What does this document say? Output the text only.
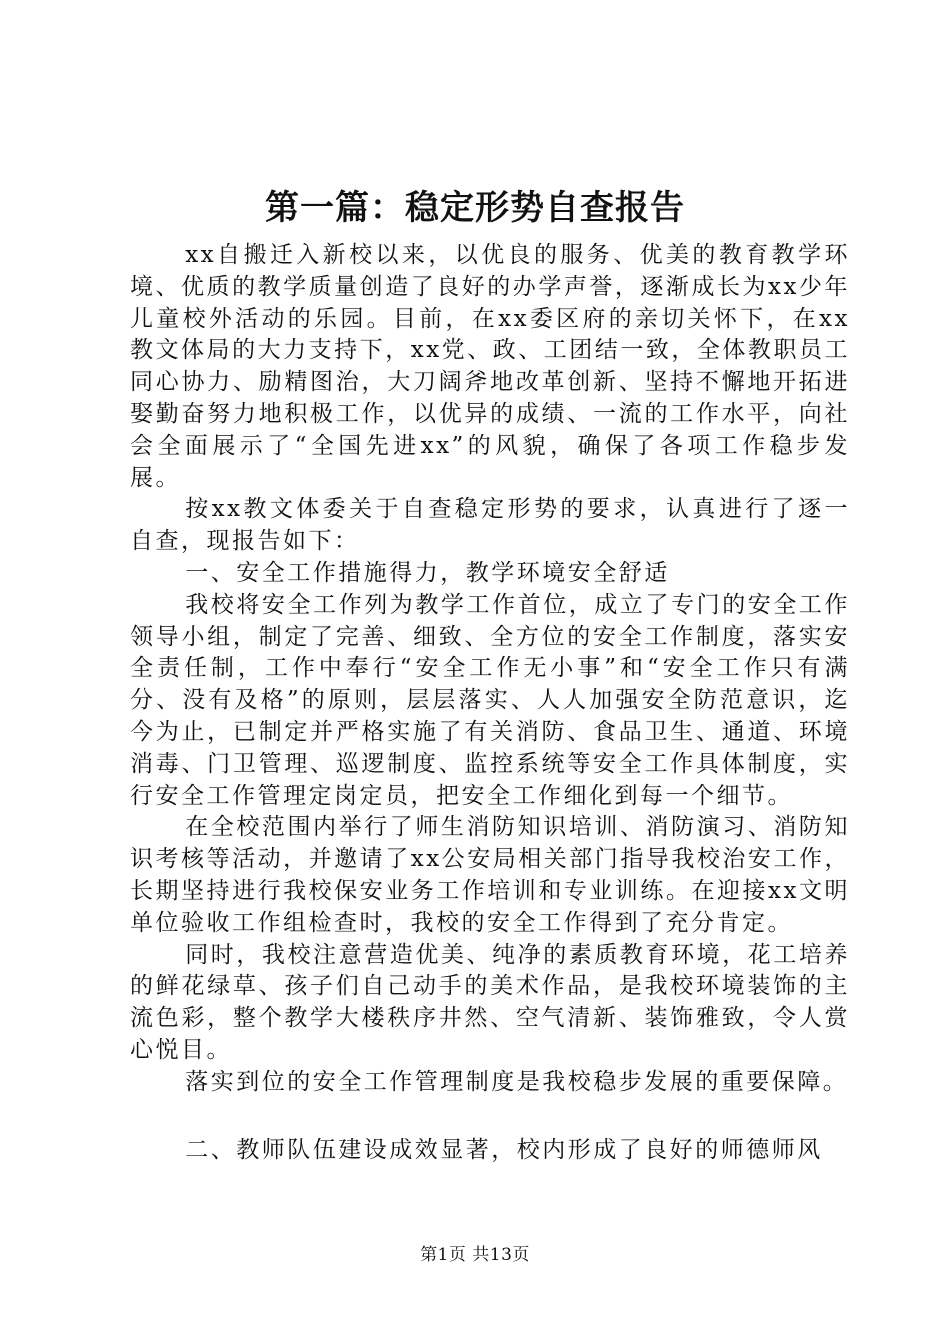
第一篇：稳定形势自查报告

xx自搬迁入新校以来，以优良的服务、优美的教育教学环境、优质的教学质量创造了良好的办学声誉，逐渐成长为xx少年儿童校外活动的乐园。目前，在xx委区府的亲切关怀下，在xx教文体局的大力支持下，xx党、政、工团结一致，全体教职员工同心协力、励精图治，大刀阔斧地改革创新、坚持不懈地开拓进娶勤奋努力地积极工作，以优异的成绩、一流的工作水平，向社会全面展示了“全国先进xx”的风貌，确保了各项工作稳步发展。

按xx教文体委关于自查稳定形势的要求，认真进行了逐一自查，现报告如下：

一、安全工作措施得力，教学环境安全舒适

我校将安全工作列为教学工作首位，成立了专门的安全工作领导小组，制定了完善、细致、全方位的安全工作制度，落实安全责任制，工作中奉行“安全工作无小事”和“安全工作只有满分、没有及格”的原则，层层落实、人人加强安全防范意识，迄今为止，已制定并严格实施了有关消防、食品卫生、通道、环境消毒、门卫管理、巡逻制度、监控系统等安全工作具体制度，实行安全工作管理定岗定员，把安全工作细化到每一个细节。

在全校范围内举行了师生消防知识培训、消防演习、消防知识考核等活动，并邀请了xx公安局相关部门指导我校治安工作，长期坚持进行我校保安业务工作培训和专业训练。在迎接xx文明单位验收工作组检查时，我校的安全工作得到了充分肯定。

同时，我校注意营造优美、纯净的素质教育环境，花工培养的鲜花绿草、孩子们自己动手的美术作品，是我校环境装饰的主流色彩，整个教学大楼秩序井然、空气清新、装饰雅致，令人赏心悦目。

落实到位的安全工作管理制度是我校稳步发展的重要保障。

二、教师队伍建设成效显著，校内形成了良好的师德师风

第1页 共13页
